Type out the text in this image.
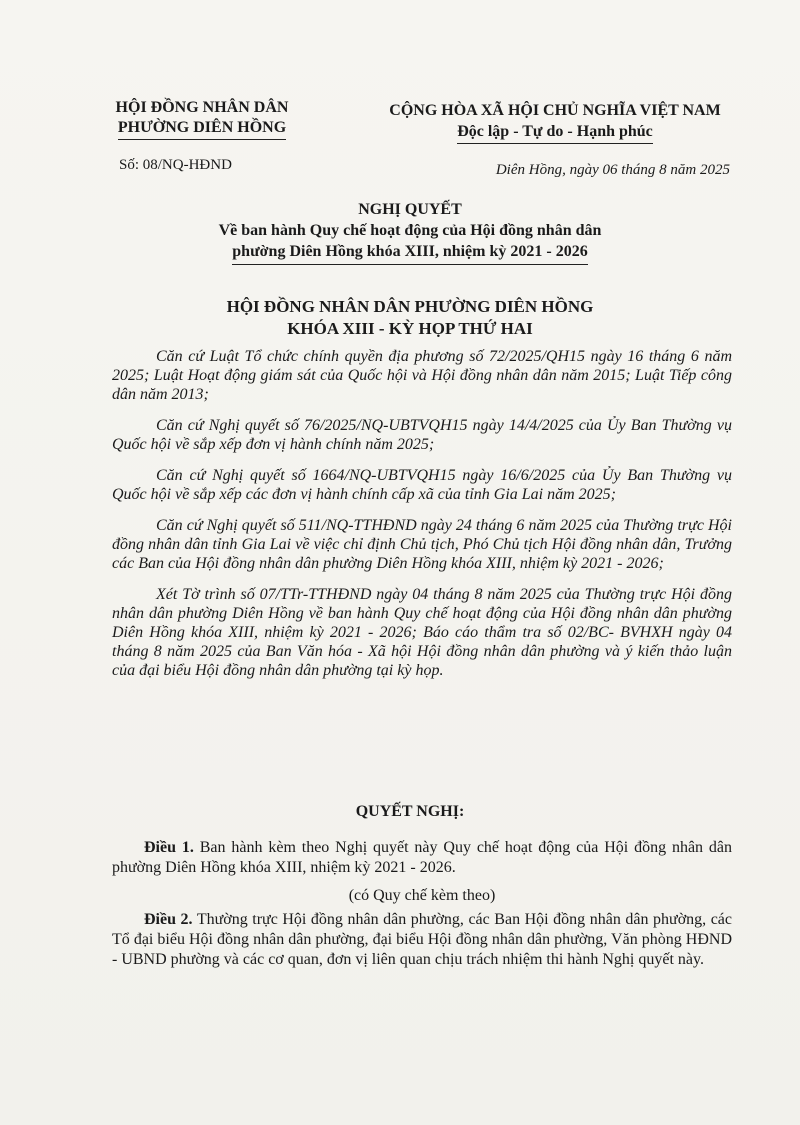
HỘI ĐỒNG NHÂN DÂN
PHƯỜNG DIÊN HỒNG
CỘNG HÒA XÃ HỘI CHỦ NGHĨA VIỆT NAM
Độc lập - Tự do - Hạnh phúc
Số: 08/NQ-HĐND	Diên Hồng, ngày 06 tháng 8 năm 2025
NGHỊ QUYẾT
Về ban hành Quy chế hoạt động của Hội đồng nhân dân
phường Diên Hồng khóa XIII, nhiệm kỳ 2021 - 2026
HỘI ĐỒNG NHÂN DÂN PHƯỜNG DIÊN HỒNG
KHÓA XIII - KỲ HỌP THỨ HAI

Căn cứ Luật Tổ chức chính quyền địa phương số 72/2025/QH15 ngày 16 tháng 6 năm 2025; Luật Hoạt động giám sát của Quốc hội và Hội đồng nhân dân năm 2015; Luật Tiếp công dân năm 2013;

Căn cứ Nghị quyết số 76/2025/NQ-UBTVQH15 ngày 14/4/2025 của Ủy Ban Thường vụ Quốc hội về sắp xếp đơn vị hành chính năm 2025;

Căn cứ Nghị quyết số 1664/NQ-UBTVQH15 ngày 16/6/2025 của Ủy Ban Thường vụ Quốc hội về sắp xếp các đơn vị hành chính cấp xã của tỉnh Gia Lai năm 2025;

Căn cứ Nghị quyết số 511/NQ-TTHĐND ngày 24 tháng 6 năm 2025 của Thường trực Hội đồng nhân dân tỉnh Gia Lai về việc chỉ định Chủ tịch, Phó Chủ tịch Hội đồng nhân dân, Trưởng các Ban của Hội đồng nhân dân phường Diên Hồng khóa XIII, nhiệm kỳ 2021 - 2026;

Xét Tờ trình số 07/TTr-TTHĐND ngày 04 tháng 8 năm 2025 của Thường trực Hội đồng nhân dân phường Diên Hồng về ban hành Quy chế hoạt động của Hội đồng nhân dân phường Diên Hồng khóa XIII, nhiệm kỳ 2021 - 2026; Báo cáo thẩm tra số 02/BC- BVHXH ngày 04 tháng 8 năm 2025 của Ban Văn hóa - Xã hội Hội đồng nhân dân phường và ý kiến thảo luận của đại biểu Hội đồng nhân dân phường tại kỳ họp.

QUYẾT NGHỊ:

Điều 1. Ban hành kèm theo Nghị quyết này Quy chế hoạt động của Hội đồng nhân dân phường Diên Hồng khóa XIII, nhiệm kỳ 2021 - 2026.

(có Quy chế kèm theo)

Điều 2. Thường trực Hội đồng nhân dân phường, các Ban Hội đồng nhân dân phường, các Tổ đại biểu Hội đồng nhân dân phường, đại biểu Hội đồng nhân dân phường, Văn phòng HĐND - UBND phường và các cơ quan, đơn vị liên quan chịu trách nhiệm thi hành Nghị quyết này.
